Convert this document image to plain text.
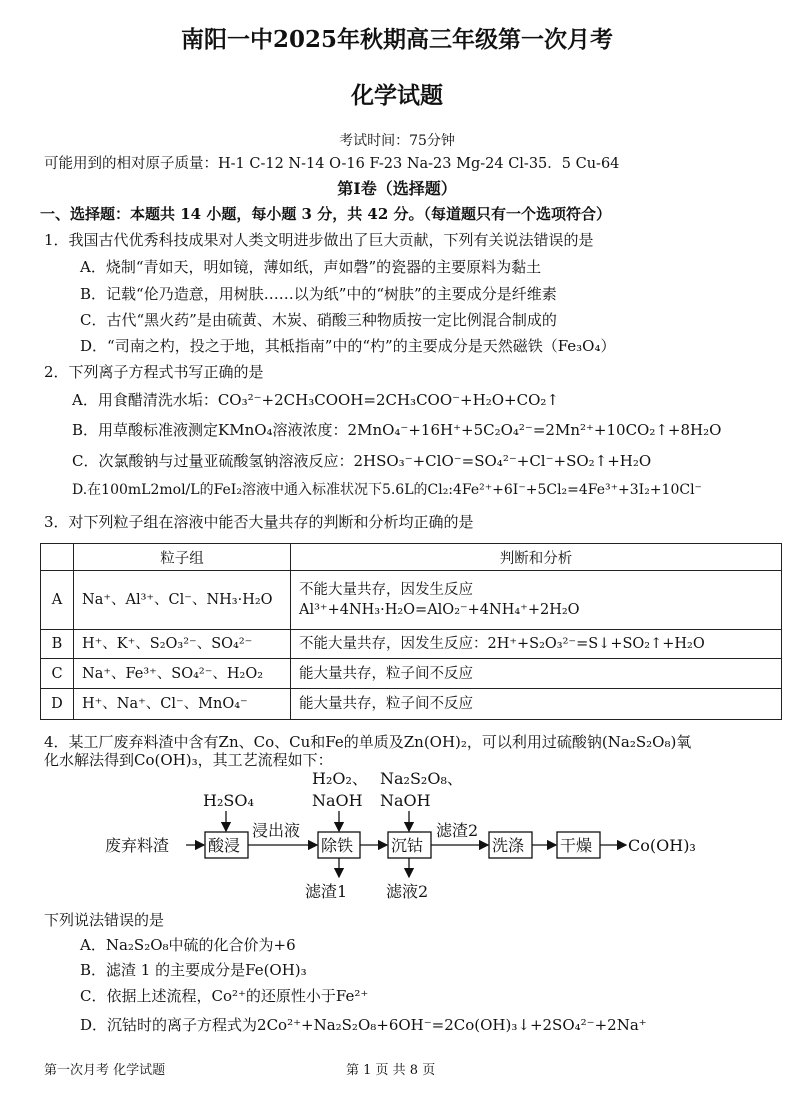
南阳一中2025年秋期高三年级第一次月考
化学试题
考试时间：75分钟
可能用到的相对原子质量：H-1 C-12 N-14 O-16 F-23 Na-23 Mg-24 Cl-35．5 Cu-64
第Ⅰ卷（选择题）
一、选择题：本题共 14 小题，每小题 3 分，共 42 分。（每道题只有一个选项符合）
1．我国古代优秀科技成果对人类文明进步做出了巨大贡献，下列有关说法错误的是
A．烧制“青如天，明如镜，薄如纸，声如磬”的瓷器的主要原料为黏土
B．记载“伦乃造意，用树肤……以为纸”中的“树肤”的主要成分是纤维素
C．古代“黑火药”是由硫黄、木炭、硝酸三种物质按一定比例混合制成的
D．“司南之杓，投之于地，其柢指南”中的“杓”的主要成分是天然磁铁（Fe₃O₄）
2．下列离子方程式书写正确的是
A．用食醋清洗水垢：CO₃²⁻+2CH₃COOH=2CH₃COO⁻+H₂O+CO₂↑
B．用草酸标准液测定KMnO₄溶液浓度：2MnO₄⁻+16H⁺+5C₂O₄²⁻=2Mn²⁺+10CO₂↑+8H₂O
C．次氯酸钠与过量亚硫酸氢钠溶液反应：2HSO₃⁻+ClO⁻=SO₄²⁻+Cl⁻+SO₂↑+H₂O
D.在100mL2mol/L的FeI₂溶液中通入标准状况下5.6L的Cl₂:4Fe²⁺+6I⁻+5Cl₂=4Fe³⁺+3I₂+10Cl⁻
3．对下列粒子组在溶液中能否大量共存的判断和分析均正确的是
	粒子组	判断和分析
A	Na⁺、Al³⁺、Cl⁻、NH₃·H₂O	不能大量共存，因发生反应
Al³⁺+4NH₃·H₂O=AlO₂⁻+4NH₄⁺+2H₂O

B	H⁺、K⁺、S₂O₃²⁻、SO₄²⁻	不能大量共存，因发生反应：2H⁺+S₂O₃²⁻=S↓+SO₂↑+H₂O
C	Na⁺、Fe³⁺、SO₄²⁻、H₂O₂	能大量共存，粒子间不反应
D	H⁺、Na⁺、Cl⁻、MnO₄⁻	能大量共存，粒子间不反应
4．某工厂废弃料渣中含有Zn、Co、Cu和Fe的单质及Zn(OH)₂，可以利用过硫酸钠(Na₂S₂O₈)氧
化水解法得到Co(OH)₃，其工艺流程如下：
废弃料渣 酸浸	除铁 沉钴	洗涤 干燥 Co(OH)₃
H₂SO₄
H₂O₂、
NaOH
Na₂S₂O₈、
NaOH
浸出液	滤渣2
滤渣1 滤液2
下列说法错误的是
A．Na₂S₂O₈中硫的化合价为+6
B．滤渣 1 的主要成分是Fe(OH)₃
C．依据上述流程，Co²⁺的还原性小于Fe²⁺
D．沉钴时的离子方程式为2Co²⁺+Na₂S₂O₈+6OH⁻=2Co(OH)₃↓+2SO₄²⁻+2Na⁺
第一次月考 化学试题	第 1 页 共 8 页
